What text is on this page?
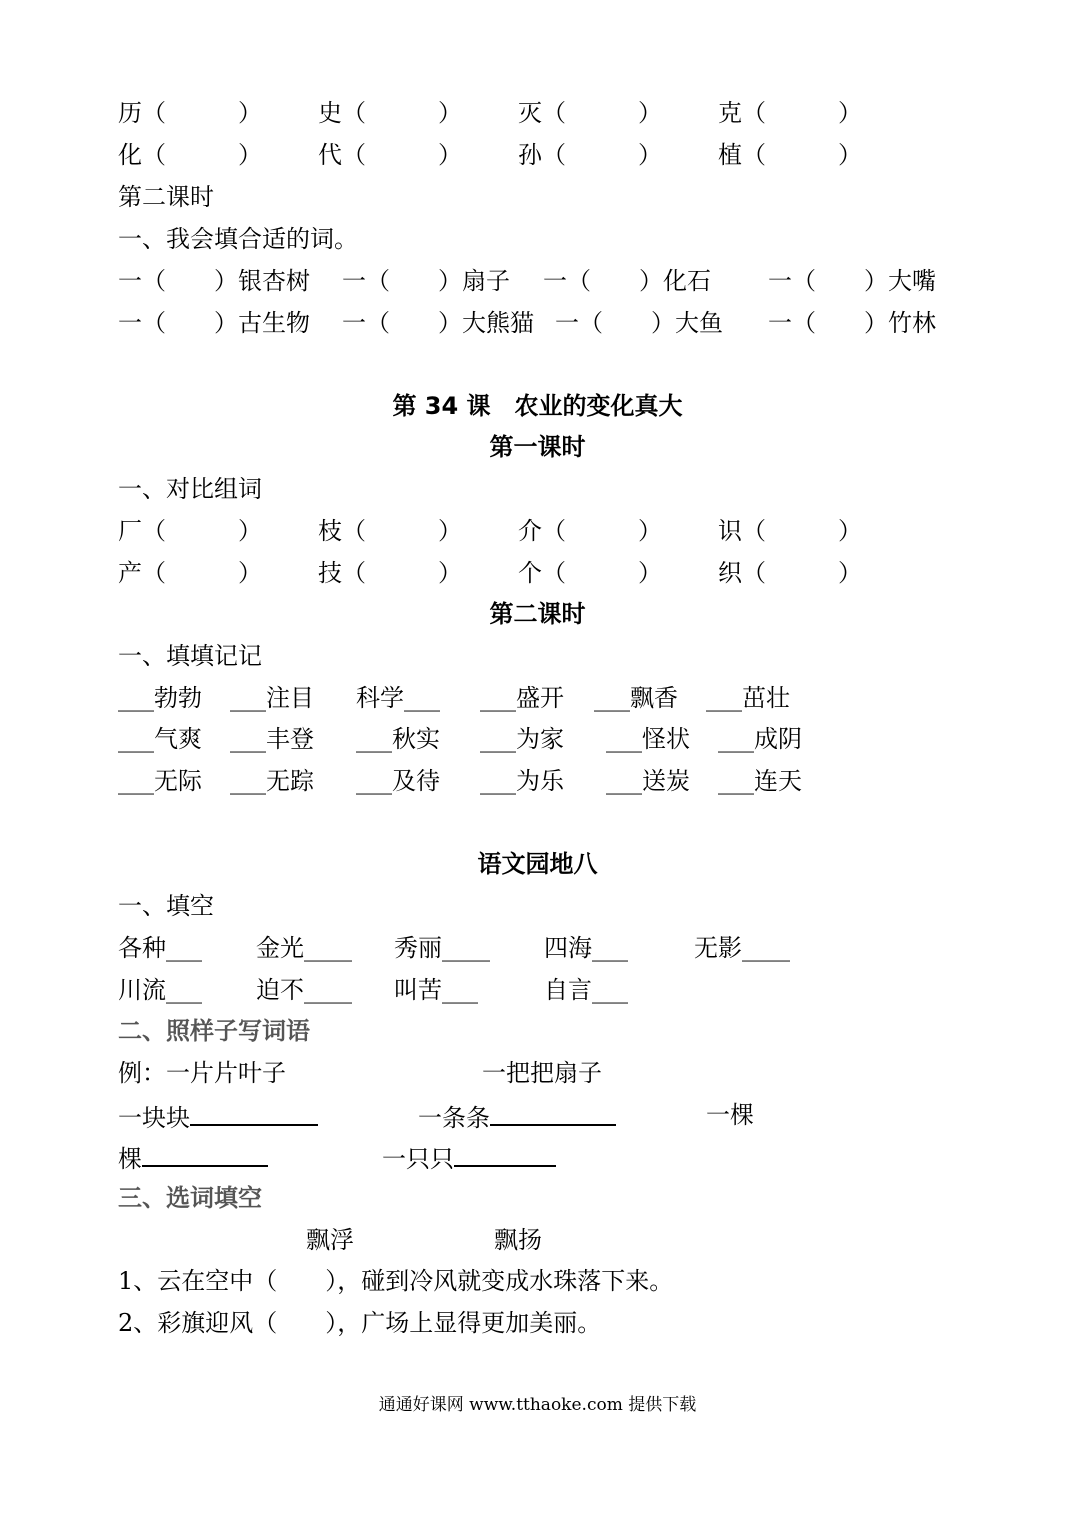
历（　　　） 史（　　　） 灭（　　　） 克（　　　）
化（　　　） 代（　　　） 孙（　　　） 植（　　　）
第二课时
一、我会填合适的词。
一（　　）银杏树 一（　　）扇子 一（　　）化石 一（　　）大嘴
一（　　）古生物 一（　　）大熊猫 一（　　）大鱼 一（　　）竹林
第 34 课　农业的变化真大
第一课时
一、对比组词
厂（　　　） 枝（　　　） 介（　　　） 识（　　　）
产（　　　） 技（　　　） 个（　　　） 织（　　　）
第二课时
一、填填记记
___勃勃 ___注目 科学___ ___盛开 ___飘香 ___茁壮
___气爽 ___丰登 ___秋实 ___为家 ___怪状 ___成阴
___无际 ___无踪 ___及待 ___为乐 ___送炭 ___连天
语文园地八
一、填空
各种___ 金光____ 秀丽____ 四海___	无影____
川流___ 迫不____ 叫苦___	自言___
二、照样子写词语
例：一片片叶子	一把把扇子
一块块	一条条	一棵
棵	一只只
三、选词填空
飘浮	飘扬
1、云在空中（　　），碰到冷风就变成水珠落下来。
2、彩旗迎风（　　），广场上显得更加美丽。
通通好课网 www.tthaoke.com 提供下载
